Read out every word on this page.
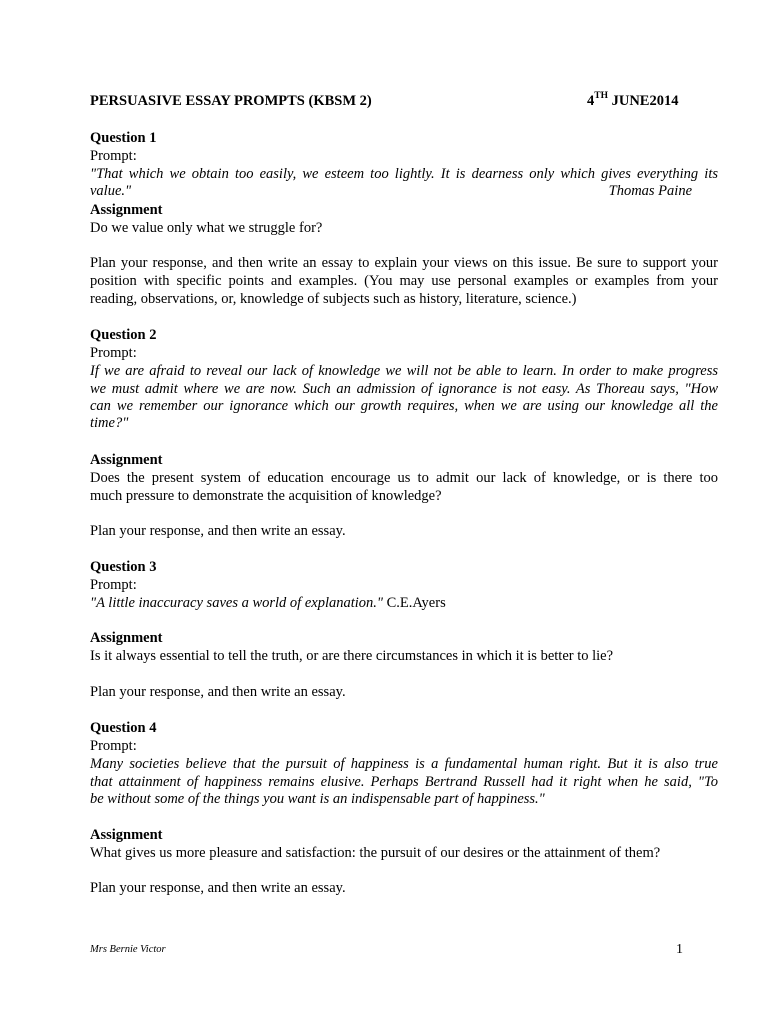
PERSUASIVE ESSAY PROMPTS (KBSM 2)	4TH JUNE2014
Question 1
Prompt:
"That which we obtain too easily, we esteem too lightly. It is dearness only which gives everything its
value."	Thomas Paine
Assignment
Do we value only what we struggle for?
Plan your response, and then write an essay to explain your views on this issue. Be sure to support your
position with specific points and examples. (You may use personal examples or examples from your
reading, observations, or, knowledge of subjects such as history, literature, science.)
Question 2
Prompt:
If we are afraid to reveal our lack of knowledge we will not be able to learn. In order to make progress
we must admit where we are now. Such an admission of ignorance is not easy. As Thoreau says, "How
can we remember our ignorance which our growth requires, when we are using our knowledge all the
time?"
Assignment
Does the present system of education encourage us to admit our lack of knowledge, or is there too
much pressure to demonstrate the acquisition of knowledge?
Plan your response, and then write an essay.
Question 3
Prompt:
"A little inaccuracy saves a world of explanation." C.E.Ayers
Assignment
Is it always essential to tell the truth, or are there circumstances in which it is better to lie?
Plan your response, and then write an essay.
Question 4
Prompt:
Many societies believe that the pursuit of happiness is a fundamental human right. But it is also true
that attainment of happiness remains elusive. Perhaps Bertrand Russell had it right when he said, "To
be without some of the things you want is an indispensable part of happiness."
Assignment
What gives us more pleasure and satisfaction: the pursuit of our desires or the attainment of them?
Plan your response, and then write an essay.
Mrs Bernie Victor	1
